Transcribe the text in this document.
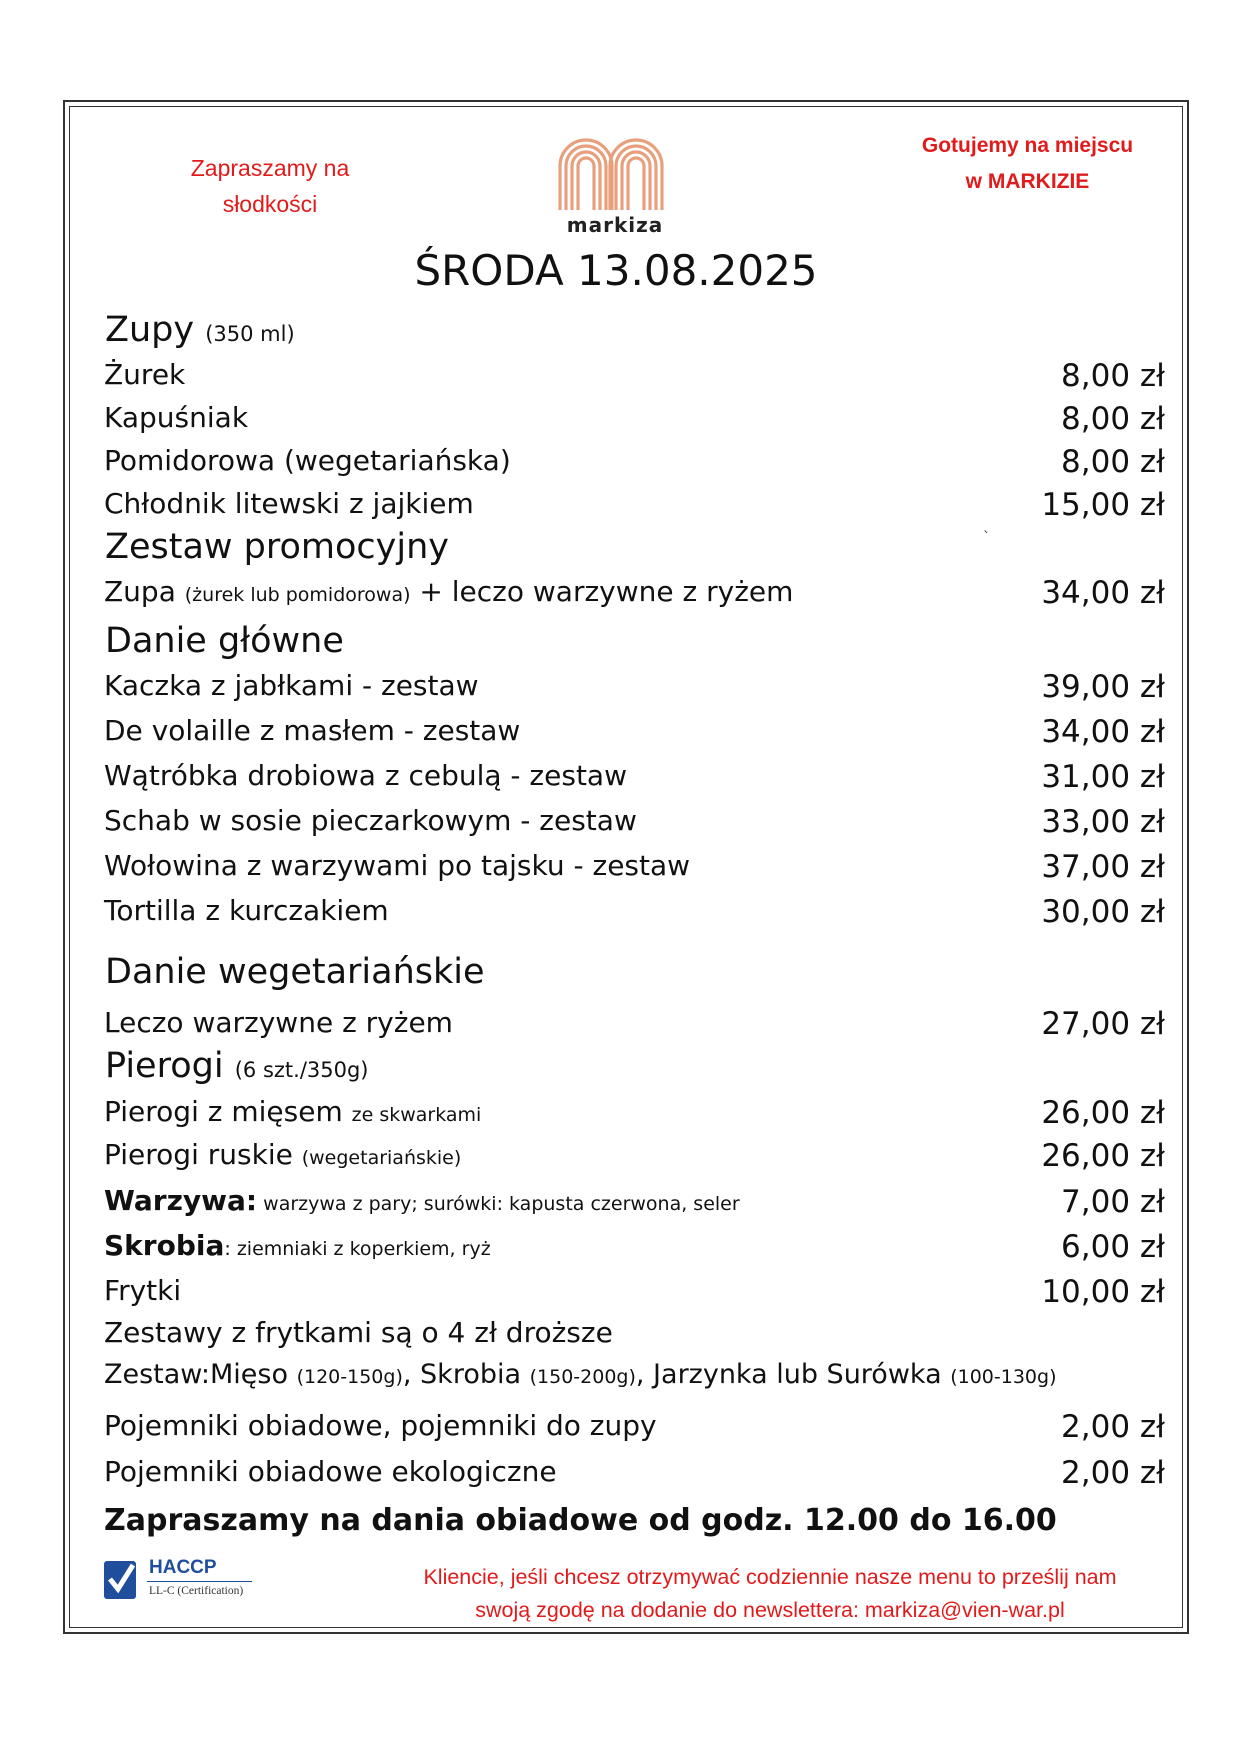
Zapraszamy na
słodkości
Gotujemy na miejscu
w MARKIZIE
markiza
ŚRODA 13.08.2025
Zupy (350 ml)
Żurek	8,00 zł
Kapuśniak	8,00 zł
Pomidorowa (wegetariańska)	8,00 zł
Chłodnik litewski z jajkiem	15,00 zł
Zestaw promocyjny	`
Zupa (żurek lub pomidorowa) + leczo warzywne z ryżem	34,00 zł
Danie główne
Kaczka z jabłkami - zestaw	39,00 zł
De volaille z masłem - zestaw	34,00 zł
Wątróbka drobiowa z cebulą - zestaw	31,00 zł
Schab w sosie pieczarkowym - zestaw	33,00 zł
Wołowina z warzywami po tajsku - zestaw	37,00 zł
Tortilla z kurczakiem	30,00 zł
Danie wegetariańskie
Leczo warzywne z ryżem	27,00 zł
Pierogi (6 szt./350g)
Pierogi z mięsem ze skwarkami	26,00 zł
Pierogi ruskie (wegetariańskie)	26,00 zł
Warzywa: warzywa z pary; surówki: kapusta czerwona, seler	7,00 zł
Skrobia: ziemniaki z koperkiem, ryż	6,00 zł
Frytki	10,00 zł
Zestawy z frytkami są o 4 zł droższe
Zestaw:Mięso (120-150g), Skrobia (150-200g), Jarzynka lub Surówka (100-130g)
Pojemniki obiadowe, pojemniki do zupy	2,00 zł
Pojemniki obiadowe ekologiczne	2,00 zł
Zapraszamy na dania obiadowe od godz. 12.00 do 16.00
HACCP
LL-C (Certification)
Kliencie, jeśli chcesz otrzymywać codziennie nasze menu to prześlij nam
swoją zgodę na dodanie do newslettera: markiza@vien-war.pl
